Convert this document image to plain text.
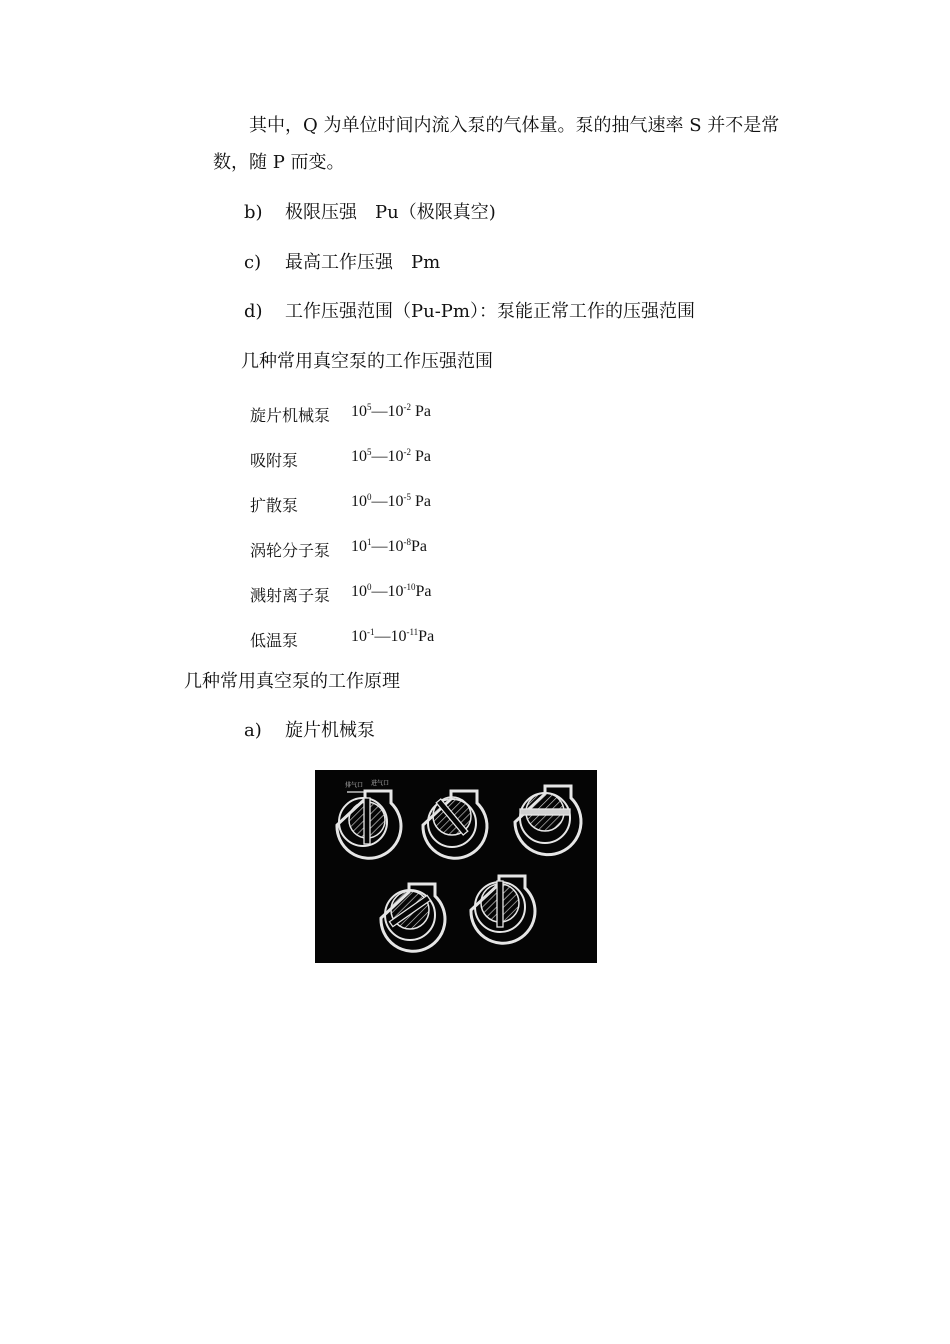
其中，Q 为单位时间内流入泵的气体量。泵的抽气速率 S 并不是常
数，随 P 而变。
b) 极限压强　Pu（极限真空)
c) 最高工作压强　Pm
d) 工作压强范围（Pu-Pm）：泵能正常工作的压强范围
几种常用真空泵的工作压强范围
旋片机械泵 $10^5—10^{-2}$ Pa
吸附泵	$10^5—10^{-2}$ Pa
扩散泵	$10^0—10^{-5}$ Pa
涡轮分子泵 $10^1—10^{-8}Pa$
溅射离子泵 $10^0—10^{-10}Pa$
低温泵	$10^{-1}—10^{-11}Pa$
几种常用真空泵的工作原理
a) 旋片机械泵
排气口 进气口
